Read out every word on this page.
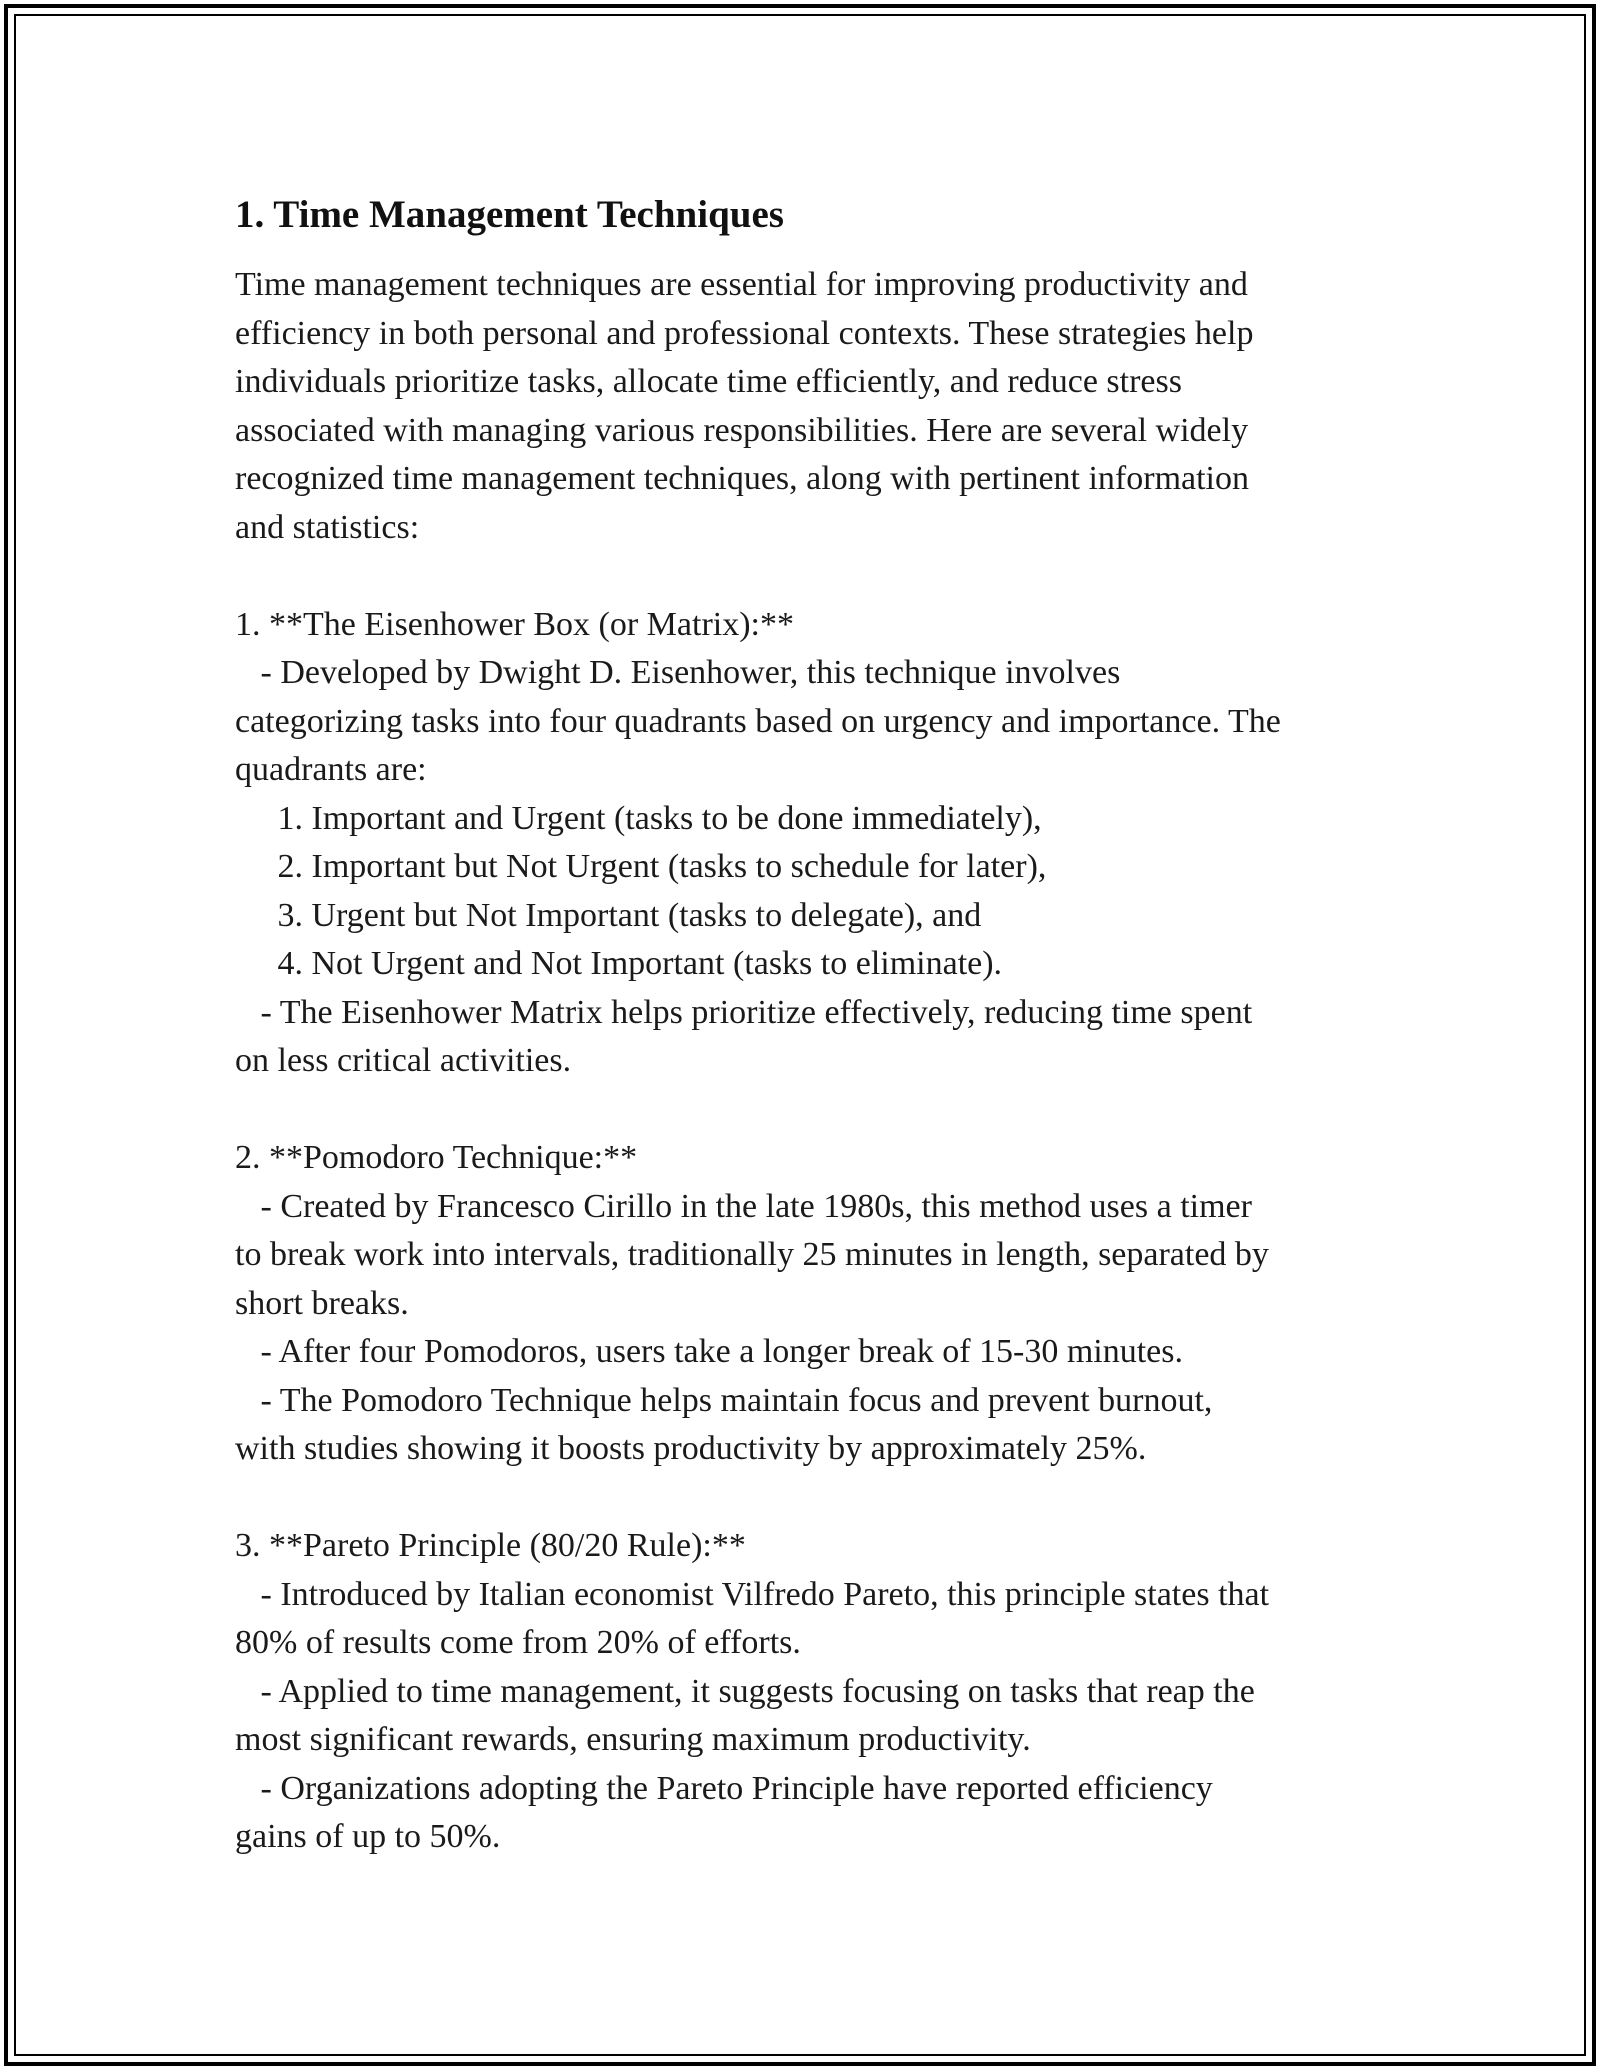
1. Time Management Techniques

Time management techniques are essential for improving productivity and
efficiency in both personal and professional contexts. These strategies help
individuals prioritize tasks, allocate time efficiently, and reduce stress
associated with managing various responsibilities. Here are several widely
recognized time management techniques, along with pertinent information
and statistics:

1. **The Eisenhower Box (or Matrix):**
- Developed by Dwight D. Eisenhower, this technique involves
categorizing tasks into four quadrants based on urgency and importance. The
quadrants are:
1. Important and Urgent (tasks to be done immediately),
2. Important but Not Urgent (tasks to schedule for later),
3. Urgent but Not Important (tasks to delegate), and
4. Not Urgent and Not Important (tasks to eliminate).
- The Eisenhower Matrix helps prioritize effectively, reducing time spent
on less critical activities.

2. **Pomodoro Technique:**
- Created by Francesco Cirillo in the late 1980s, this method uses a timer
to break work into intervals, traditionally 25 minutes in length, separated by
short breaks.
- After four Pomodoros, users take a longer break of 15-30 minutes.
- The Pomodoro Technique helps maintain focus and prevent burnout,
with studies showing it boosts productivity by approximately 25%.

3. **Pareto Principle (80/20 Rule):**
- Introduced by Italian economist Vilfredo Pareto, this principle states that
80% of results come from 20% of efforts.
- Applied to time management, it suggests focusing on tasks that reap the
most significant rewards, ensuring maximum productivity.
- Organizations adopting the Pareto Principle have reported efficiency
gains of up to 50%.
